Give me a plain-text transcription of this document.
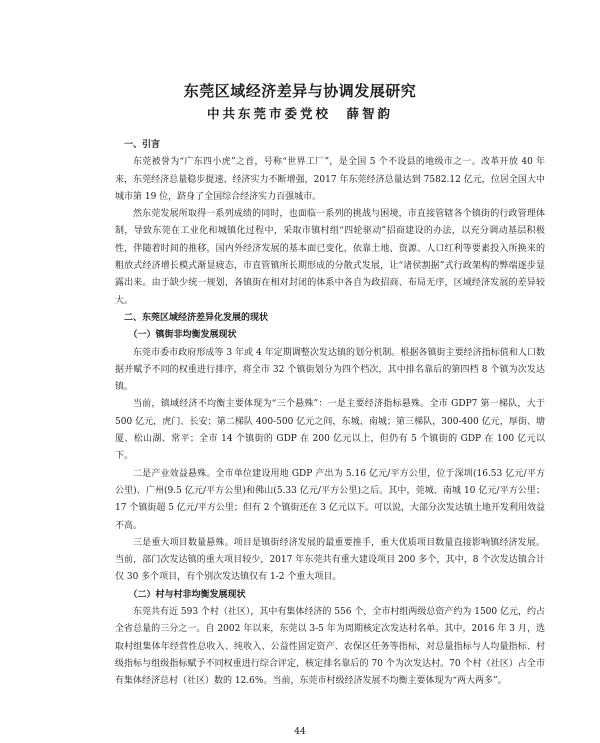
东莞区域经济差异与协调发展研究
中共东莞市委党校　薛智韵
一、引言

东莞被誉为“广东四小虎”之首，号称“世界工厂”，是全国 5 个不设县的地级市之一。改革开放 40 年来，东莞经济总量稳步提速、经济实力不断增强，2017 年东莞经济总量达到 7582.12 亿元，位居全国大中城市第 19 位，跻身了全国综合经济实力百强城市。

然东莞发展所取得一系列成绩的同时，也面临一系列的挑战与困境，市直接管辖各个镇街的行政管理体制，导致东莞在工业化和城镇化过程中，采取市镇村组“四轮驱动”招商建设的办法，以充分调动基层积极性，伴随着时间的推移，国内外经济发展的基本面已变化，依靠土地、资源、人口红利等要素投入所换来的粗放式经济增长模式渐显疲态，市直管镇所长期形成的分散式发展，让“诸侯割据”式行政架构的弊端逐步显露出来。由于缺少统一规划，各镇街在相对封闭的体系中各自为政招商、布局无序，区域经济发展的差异较大。

二、东莞区域经济差异化发展的现状
（一）镇街非均衡发展现状

东莞市委市政府形成等 3 年或 4 年定期调整次发达镇的划分机制。根据各镇街主要经济指标值和人口数据并赋予不同的权重进行排序，将全市 32 个镇街划分为四个档次，其中排名靠后的第四档 8 个镇为次发达镇。

当前，镇域经济不均衡主要体现为“三个悬殊”：一是主要经济指标悬殊。全市 GDP7 第一梯队，大于 500 亿元，虎门、长安；第二梯队 400-500 亿元之间，东城、南城；第三梯队，300-400 亿元，厚街、塘厦、松山湖、常平；全市 14 个镇街的 GDP 在 200 亿元以上，但仍有 5 个镇街的 GDP 在 100 亿元以下。

二是产业效益悬殊。全市单位建设用地 GDP 产出为 5.16 亿元/平方公里，位于深圳(16.53 亿元/平方公里)、广州(9.5 亿元/平方公里)和佛山(5.33 亿元/平方公里)之后。其中，莞城、南城 10 亿元/平方公里；17 个镇街超 5 亿元/平方公里；但有 2 个镇街还在 3 亿元以下。可以说，大部分次发达镇土地开发利用效益不高。

三是重大项目数量悬殊。项目是镇街经济发展的最重要推手，重大优质项目数量直接影响镇经济发展。当前，部门次发达镇的重大项目较少，2017 年东莞共有重大建设项目 200 多个，其中，8 个次发达镇合计仅 30 多个项目，有个别次发达镇仅有 1-2 个重大项目。

（二）村与村非均衡发展现状

东莞共有近 593 个村（社区），其中有集体经济的 556 个，全市村组两级总资产约为 1500 亿元，约占全省总量的三分之一。自 2002 年以来，东莞以 3-5 年为周期核定次发达村名单。其中，2016 年 3 月，选取村组集体年经营性总收入、纯收入、公益性固定资产、农保区任务等指标，对总量指标与人均量指标、村级指标与组级指标赋予不同权重进行综合评定，核定排名靠后的 70 个为次发达村。70 个村（社区）占全市有集体经济总村（社区）数的 12.6%。当前，东莞市村级经济发展不均衡主要体现为“两大两多”。

44
